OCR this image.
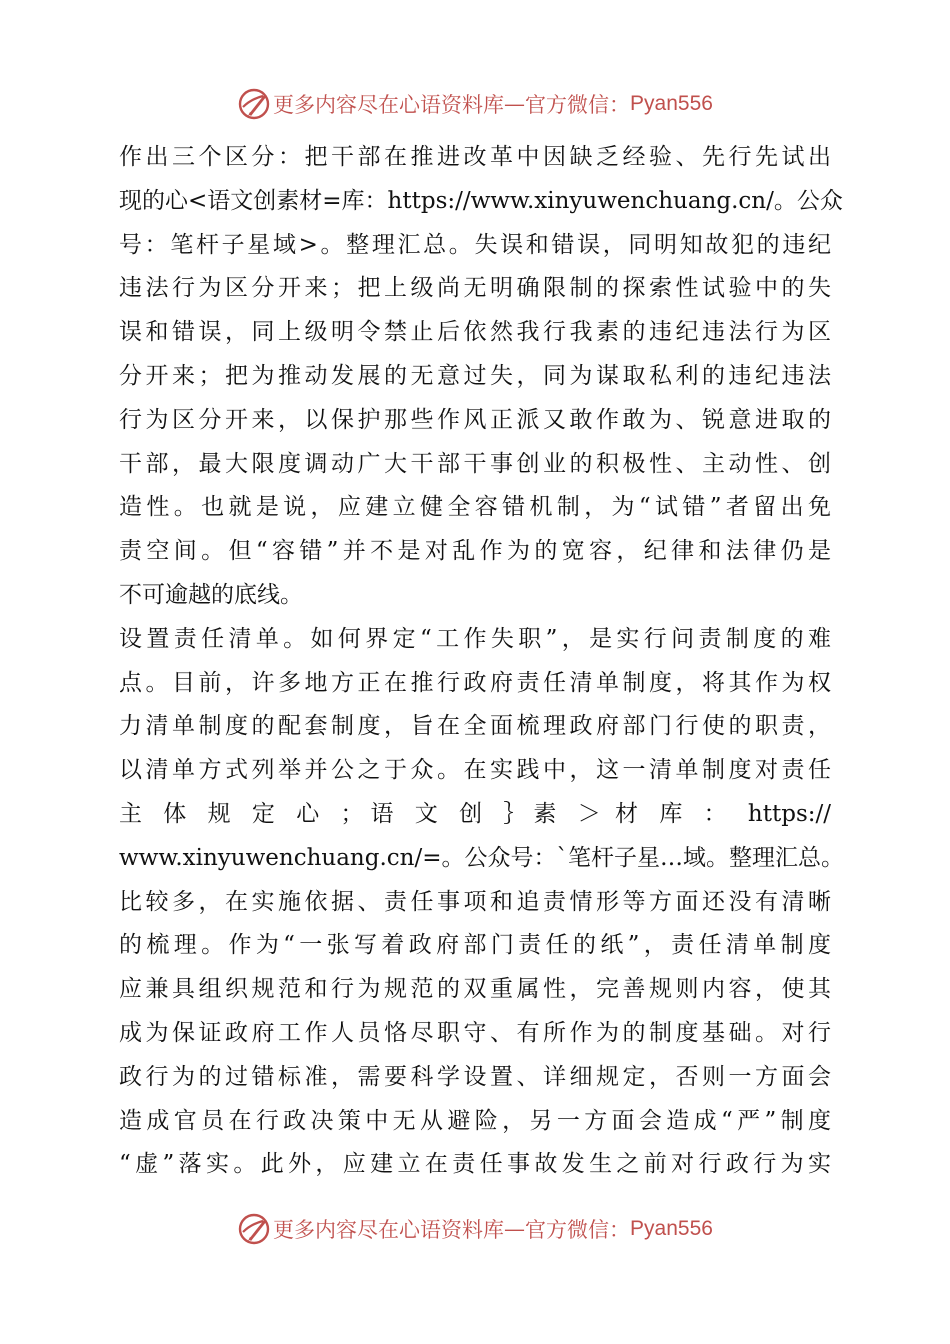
更多内容尽在心语资料库 — 官方微信： Pyan556
作出三个区分：把干部在推进改革中因缺乏经验、先行先试出
现的心<语文创素材=库：https://www.xinyuwenchuang.cn/。公众
号：笔杆子星域>。整理汇总。失误和错误，同明知故犯的违纪
违法行为区分开来；把上级尚无明确限制的探索性试验中的失
误和错误，同上级明令禁止后依然我行我素的违纪违法行为区
分开来；把为推动发展的无意过失，同为谋取私利的违纪违法
行为区分开来，以保护那些作风正派又敢作敢为、锐意进取的
干部，最大限度调动广大干部干事创业的积极性、主动性、创
造性。也就是说，应建立健全容错机制，为“试错”者留出免
责空间。但“容错”并不是对乱作为的宽容，纪律和法律仍是
不可逾越的底线。
设置责任清单。如何界定“工作失职”，是实行问责制度的难
点。目前，许多地方正在推行政府责任清单制度，将其作为权
力清单制度的配套制度，旨在全面梳理政府部门行使的职责，
以清单方式列举并公之于众。在实践中，这一清单制度对责任
主 体 规 定 心 ；语 文 创 ｝素 ＞ 材 库 ： https://
www.xinyuwenchuang.cn/=。公众号：`笔杆子星…域。整理汇总。
比较多，在实施依据、责任事项和追责情形等方面还没有清晰
的梳理。作为“一张写着政府部门责任的纸”，责任清单制度
应兼具组织规范和行为规范的双重属性，完善规则内容，使其
成为保证政府工作人员恪尽职守、有所作为的制度基础。对行
政行为的过错标准，需要科学设置、详细规定，否则一方面会
造成官员在行政决策中无从避险，另一方面会造成“严”制度
“虚”落实。此外，应建立在责任事故发生之前对行政行为实
更多内容尽在心语资料库 — 官方微信： Pyan556
